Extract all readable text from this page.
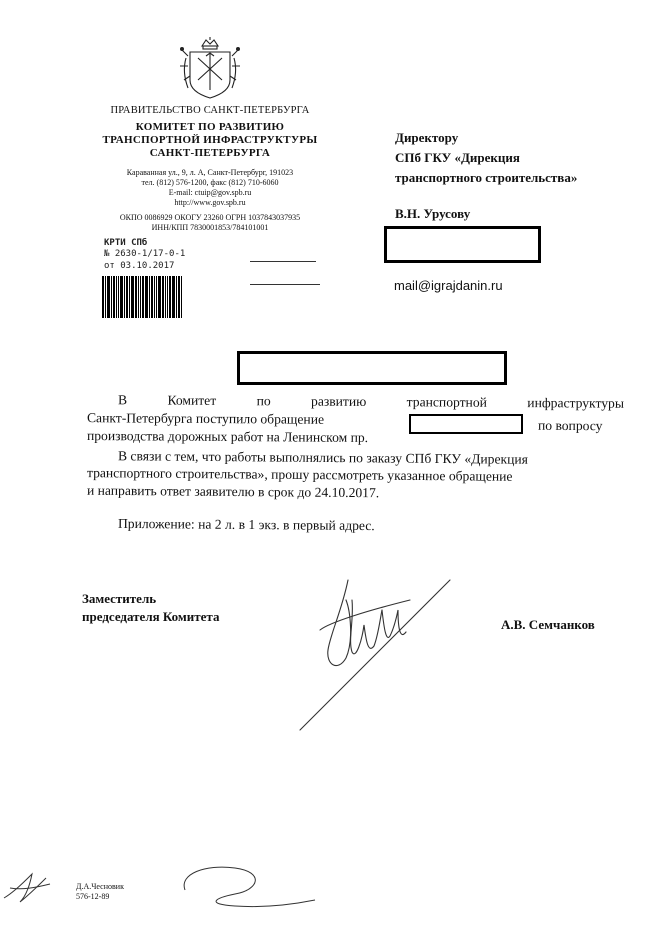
ПРАВИТЕЛЬСТВО САНКТ-ПЕТЕРБУРГА
КОМИТЕТ ПО РАЗВИТИЮ
ТРАНСПОРТНОЙ ИНФРАСТРУКТУРЫ
САНКТ-ПЕТЕРБУРГА
Караванная ул., 9, л. А, Санкт-Петербург, 191023
тел. (812) 576-1200, факс (812) 710-6060
E-mail: ctuip@gov.spb.ru
http://www.gov.spb.ru
ОКПО 0086929 ОКОГУ 23260 ОГРН 1037843037935
ИНН/КПП 7830001853/784101001
КРТИ СПб
№ 2630-1/17-0-1
от 03.10.2017
Директору
СПб ГКУ «Дирекция
транспортного строительства»
В.Н. Урусову
mail@igrajdanin.ru
В	Комитет	по	развитию	транспортной	инфраструктуры
Санкт-Петербурга поступило обращение	по вопросу
производства дорожных работ на Ленинском пр.
В связи с тем, что работы выполнялись по заказу СПб ГКУ «Дирекция
транспортного строительства», прошу рассмотреть указанное обращение
и направить ответ заявителю в срок до 24.10.2017.
Приложение: на 2 л. в 1 экз. в первый адрес.
Заместитель
председателя Комитета
А.В. Семчанков
Д.А.Чесновик
576-12-89
